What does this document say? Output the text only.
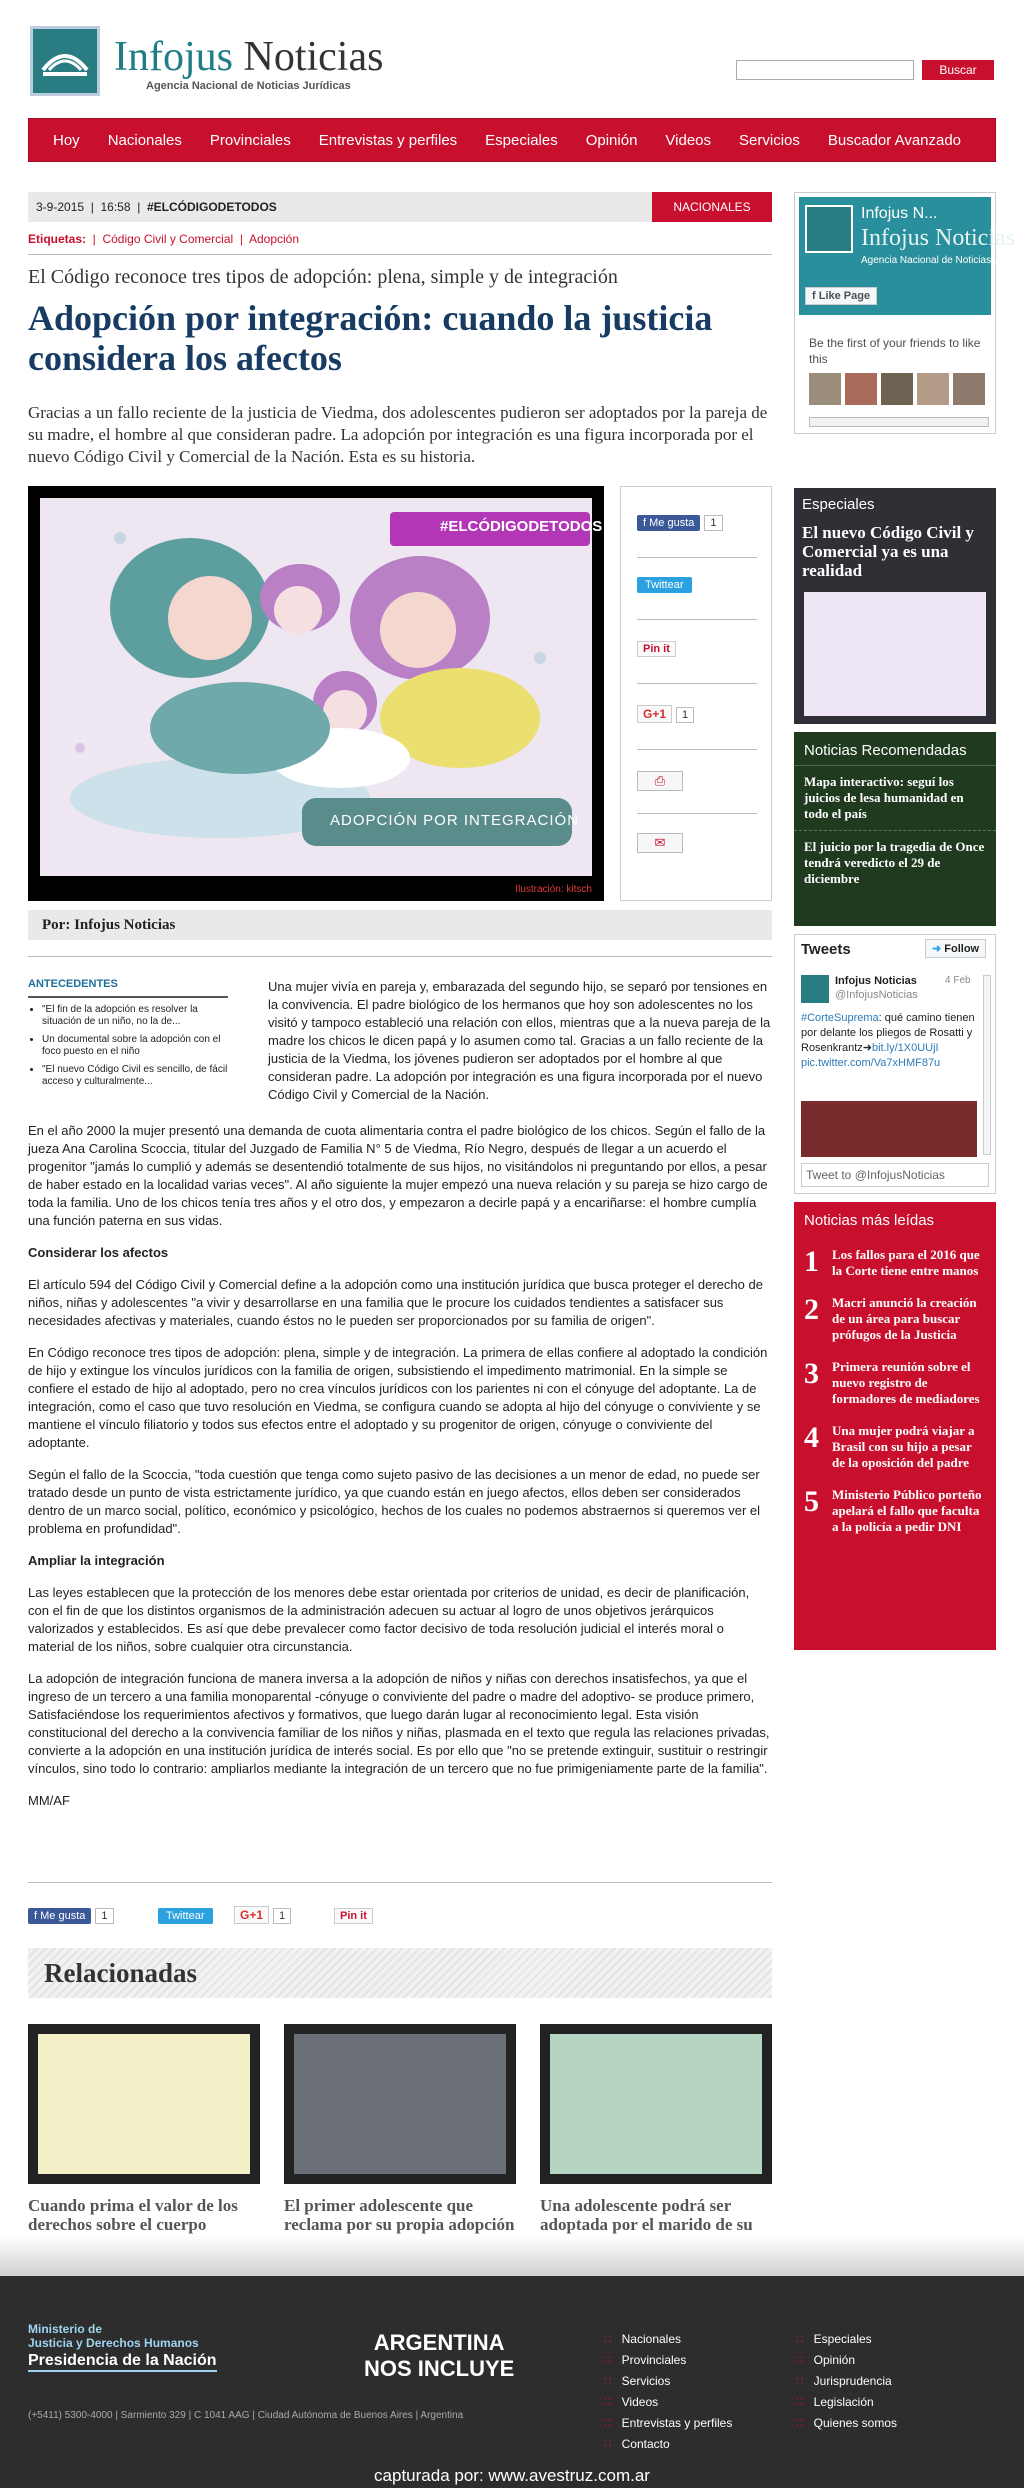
Infojus Noticias
Agencia Nacional de Noticias Jurídicas
Buscar
Hoy	Nacionales	Provinciales	Entrevistas y perfiles	Especiales	Opinión	Videos	Servicios	Buscador Avanzado
3-9-2015  |  16:58  |  #ELCÓDIGODETODOS	NACIONALES
Etiquetas:  |  Código Civil y Comercial  |  Adopción
El Código reconoce tres tipos de adopción: plena, simple y de integración
Adopción por integración: cuando la justicia considera los afectos
Gracias a un fallo reciente de la justicia de Viedma, dos adolescentes pudieron ser adoptados por la pareja de su madre, el hombre al que consideran padre. La adopción por integración es una figura incorporada por el nuevo Código Civil y Comercial de la Nación. Esta es su historia.
#ELCÓDIGODETODOS
ADOPCIÓN POR INTEGRACIÓN
Ilustración: kitsch
f Me gusta 1
Twittear
Pin it
G+1 1
⎙
✉
Por: Infojus Noticias
ANTECEDENTES
• "El fin de la adopción es resolver la situación de un niño, no la de...
• Un documental sobre la adopción con el foco puesto en el niño
• "El nuevo Código Civil es sencillo, de fácil acceso y culturalmente...

Una mujer vivía en pareja y, embarazada del segundo hijo, se separó por tensiones en la convivencia. El padre biológico de los hermanos que hoy son adolescentes no los visitó y tampoco estableció una relación con ellos, mientras que a la nueva pareja de la madre los chicos le dicen papá y lo asumen como tal. Gracias a un fallo reciente de la justicia de la Viedma, los jóvenes pudieron ser adoptados por el hombre al que consideran padre. La adopción por integración es una figura incorporada por el nuevo Código Civil y Comercial de la Nación.

En el año 2000 la mujer presentó una demanda de cuota alimentaria contra el padre biológico de los chicos. Según el fallo de la jueza Ana Carolina Scoccia, titular del Juzgado de Familia N° 5 de Viedma, Río Negro, después de llegar a un acuerdo el progenitor "jamás lo cumplió y además se desentendió totalmente de sus hijos, no visitándolos ni preguntando por ellos, a pesar de haber estado en la localidad varias veces". Al año siguiente la mujer empezó una nueva relación y su pareja se hizo cargo de toda la familia. Uno de los chicos tenía tres años y el otro dos, y empezaron a decirle papá y a encariñarse: el hombre cumplía una función paterna en sus vidas.

Considerar los afectos

El artículo 594 del Código Civil y Comercial define a la adopción como una institución jurídica que busca proteger el derecho de niños, niñas y adolescentes "a vivir y desarrollarse en una familia que le procure los cuidados tendientes a satisfacer sus necesidades afectivas y materiales, cuando éstos no le pueden ser proporcionados por su familia de origen".

En Código reconoce tres tipos de adopción: plena, simple y de integración. La primera de ellas confiere al adoptado la condición de hijo y extingue los vínculos jurídicos con la familia de origen, subsistiendo el impedimento matrimonial. En la simple se confiere el estado de hijo al adoptado, pero no crea vínculos jurídicos con los parientes ni con el cónyuge del adoptante. La de integración, como el caso que tuvo resolución en Viedma, se configura cuando se adopta al hijo del cónyuge o conviviente y se mantiene el vínculo filiatorio y todos sus efectos entre el adoptado y su progenitor de origen, cónyuge o conviviente del adoptante.

Según el fallo de la Scoccia, "toda cuestión que tenga como sujeto pasivo de las decisiones a un menor de edad, no puede ser tratado desde un punto de vista estrictamente jurídico, ya que cuando están en juego afectos, ellos deben ser considerados dentro de un marco social, político, económico y psicológico, hechos de los cuales no podemos abstraernos si queremos ver el problema en profundidad".

Ampliar la integración

Las leyes establecen que la protección de los menores debe estar orientada por criterios de unidad, es decir de planificación, con el fin de que los distintos organismos de la administración adecuen su actuar al logro de unos objetivos jerárquicos valorizados y establecidos. Es así que debe prevalecer como factor decisivo de toda resolución judicial el interés moral o material de los niños, sobre cualquier otra circunstancia.

La adopción de integración funciona de manera inversa a la adopción de niños y niñas con derechos insatisfechos, ya que el ingreso de un tercero a una familia monoparental -cónyuge o conviviente del padre o madre del adoptivo- se produce primero, Satisfaciéndose los requerimientos afectivos y formativos, que luego darán lugar al reconocimiento legal. Esta visión constitucional del derecho a la convivencia familiar de los niños y niñas, plasmada en el texto que regula las relaciones privadas, convierte a la adopción en una institución jurídica de interés social. Es por ello que "no se pretende extinguir, sustituir o restringir vínculos, sino todo lo contrario: ampliarlos mediante la integración de un tercero que no fue primigeniamente parte de la familia".

MM/AF

f Me gusta 1	Twittear	G+1 1	Pin it
Relacionadas
Cuando prima el valor de los derechos sobre el cuerpo
El primer adolescente que reclama por su propia adopción
Una adolescente podrá ser adoptada por el marido de su
Infojus N...
Infojus Noticias
Agencia Nacional de Noticias Jurídicas
f Like Page
Be the first of your friends to like this
Especiales
El nuevo Código Civil y Comercial ya es una realidad
Noticias Recomendadas
Mapa interactivo: seguí los juicios de lesa humanidad en todo el país
El juicio por la tragedia de Once tendrá veredicto el 29 de diciembre
Tweets	➜ Follow
Infojus Noticias	4 Feb
@InfojusNoticias
#CorteSuprema: qué camino tienen por delante los pliegos de Rosatti y Rosenkrantz➜bit.ly/1X0UUjI
pic.twitter.com/Va7xHMF87u
Tweet to @InfojusNoticias
Noticias más leídas
1	Los fallos para el 2016 que la Corte tiene entre manos
2	Macri anunció la creación de un área para buscar prófugos de la Justicia
3	Primera reunión sobre el nuevo registro de formadores de mediadores
4	Una mujer podrá viajar a Brasil con su hijo a pesar de la oposición del padre
5	Ministerio Público porteño apelará el fallo que faculta a la policía a pedir DNI
Ministerio de
Justicia y Derechos Humanos
Presidencia de la Nación
ARGENTINA
NOS INCLUYE
(+5411) 5300-4000 | Sarmiento 329 | C 1041 AAG | Ciudad Autónoma de Buenos Aires | Argentina
∷ Nacionales
∷ Provinciales
∷ Servicios
∷ Videos
∷ Entrevistas y perfiles
∷ Contacto
∷ Especiales
∷ Opinión
∷ Jurisprudencia
∷ Legislación
∷ Quienes somos
capturada por: www.avestruz.com.ar
